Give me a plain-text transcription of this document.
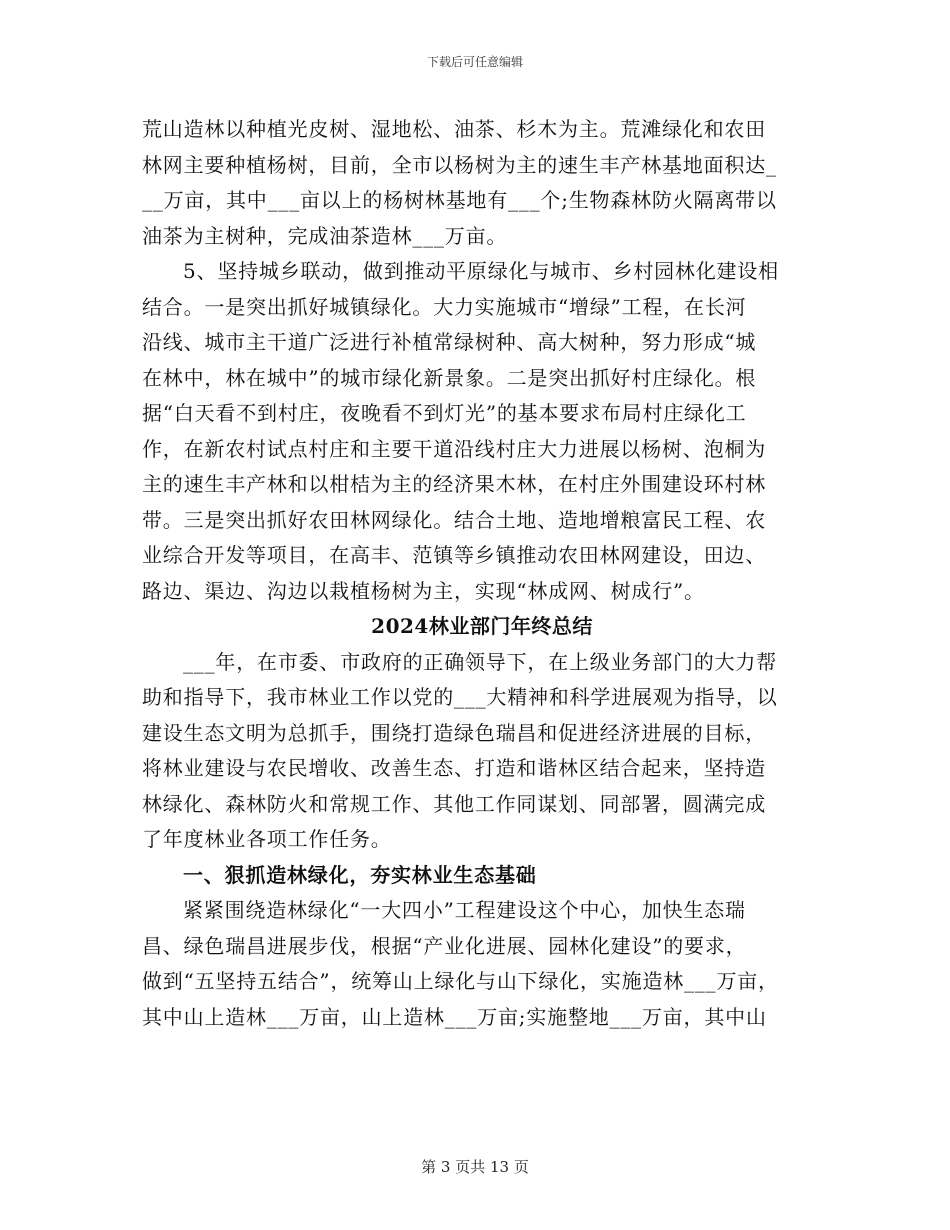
下载后可任意编辑
荒山造林以种植光皮树、湿地松、油茶、杉木为主。荒滩绿化和农田
林网主要种植杨树，目前，全市以杨树为主的速生丰产林基地面积达_
__万亩，其中___亩以上的杨树林基地有___个;生物森林防火隔离带以
油茶为主树种，完成油茶造林___万亩。
5、坚持城乡联动，做到推动平原绿化与城市、乡村园林化建设相
结合。一是突出抓好城镇绿化。大力实施城市“增绿”工程，在长河
沿线、城市主干道广泛进行补植常绿树种、高大树种，努力形成“城
在林中，林在城中”的城市绿化新景象。二是突出抓好村庄绿化。根
据“白天看不到村庄，夜晚看不到灯光”的基本要求布局村庄绿化工
作，在新农村试点村庄和主要干道沿线村庄大力进展以杨树、泡桐为
主的速生丰产林和以柑桔为主的经济果木林，在村庄外围建设环村林
带。三是突出抓好农田林网绿化。结合土地、造地增粮富民工程、农
业综合开发等项目，在高丰、范镇等乡镇推动农田林网建设，田边、
路边、渠边、沟边以栽植杨树为主，实现“林成网、树成行”。
2024林业部门年终总结
___年，在市委、市政府的正确领导下，在上级业务部门的大力帮
助和指导下，我市林业工作以党的___大精神和科学进展观为指导，以
建设生态文明为总抓手，围绕打造绿色瑞昌和促进经济进展的目标，
将林业建设与农民增收、改善生态、打造和谐林区结合起来，坚持造
林绿化、森林防火和常规工作、其他工作同谋划、同部署，圆满完成
了年度林业各项工作任务。
一、狠抓造林绿化，夯实林业生态基础
紧紧围绕造林绿化“一大四小”工程建设这个中心，加快生态瑞
昌、绿色瑞昌进展步伐，根据“产业化进展、园林化建设”的要求，
做到“五坚持五结合”，统筹山上绿化与山下绿化，实施造林___万亩，
其中山上造林___万亩，山上造林___万亩;实施整地___万亩，其中山
第 3 页共 13 页
